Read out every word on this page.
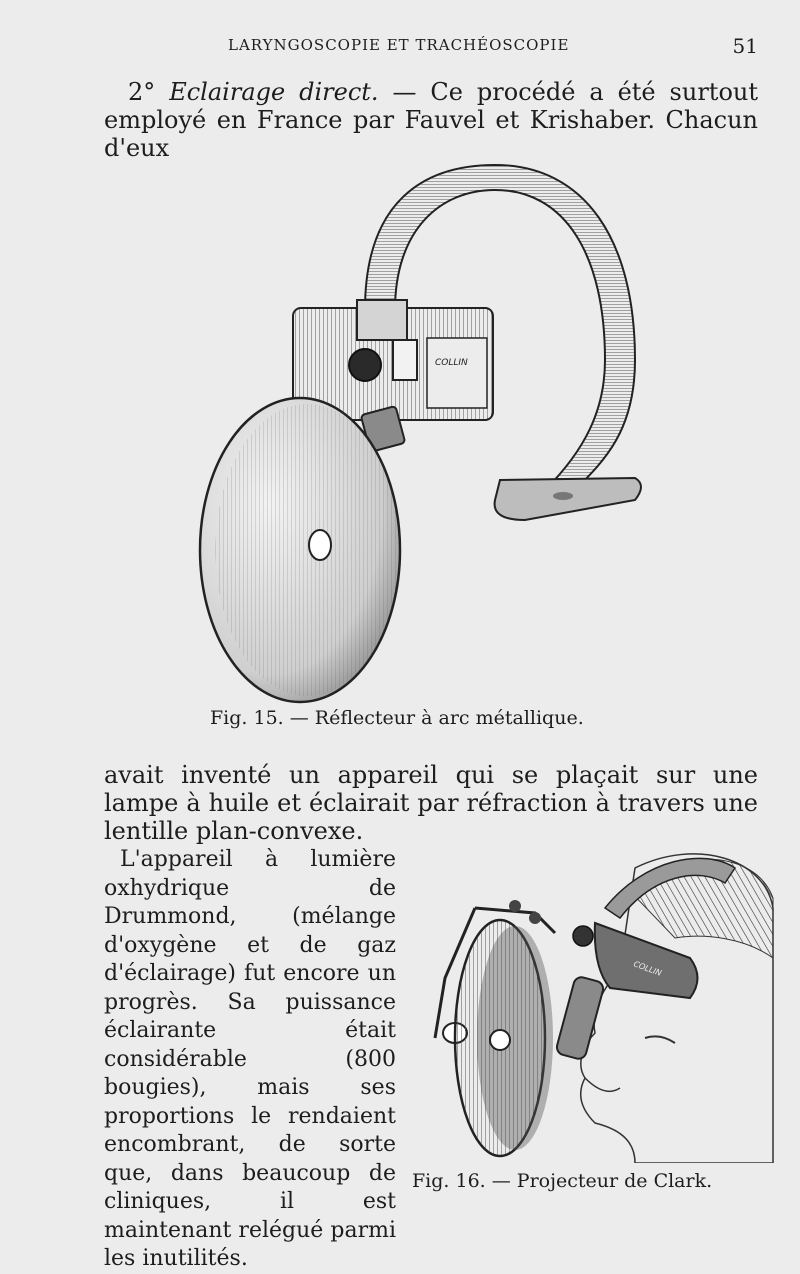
LARYNGOSCOPIE ET TRACHÉOSCOPIE	51

2° Eclairage direct. — Ce procédé a été surtout employé en France par Fauvel et Krishaber. Chacun d'eux

COLLIN
Fig. 15. — Réflecteur à arc métallique.

avait inventé un appareil qui se plaçait sur une lampe à huile et éclairait par réfraction à travers une lentille plan-convexe.

L'appareil à lumière oxhydrique de Drummond, (mélange d'oxygène et de gaz d'éclairage) fut encore un progrès. Sa puissance éclairante était considérable (800 bougies), mais ses proportions le rendaient encombrant, de sorte que, dans beaucoup de cliniques, il est maintenant relégué parmi les inutilités.

COLLIN
Fig. 16. — Projecteur de Clark.
